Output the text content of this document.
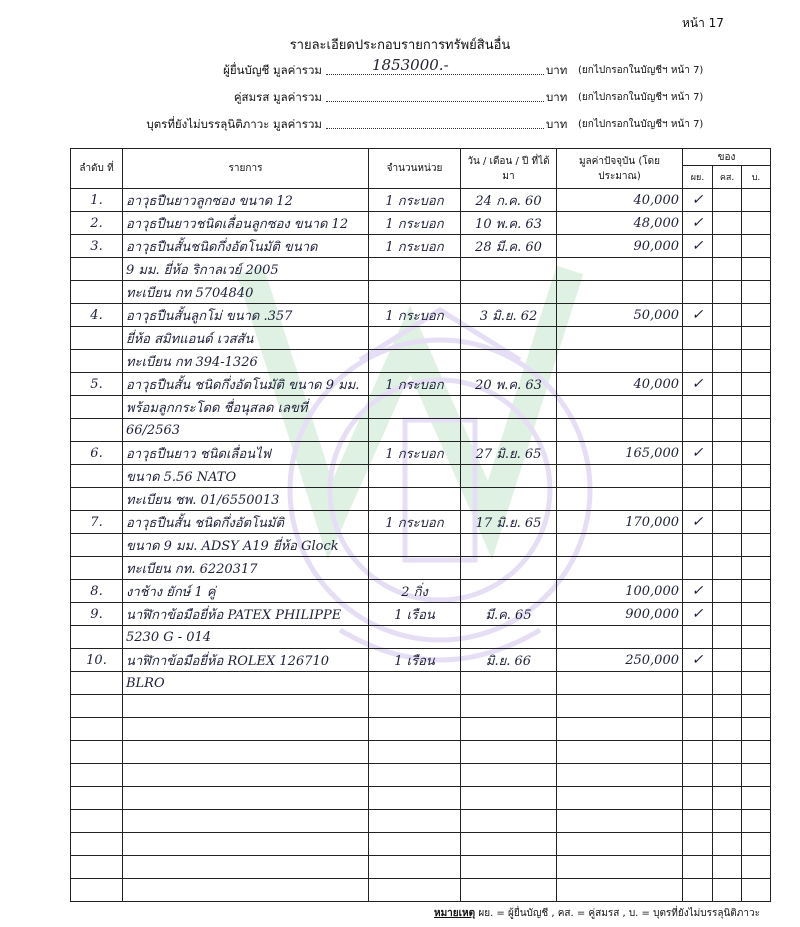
หน้า 17
รายละเอียดประกอบรายการทรัพย์สินอื่น
ผู้ยื่นบัญชี มูลค่ารวม	1853000.-	บาท (ยกไปกรอกในบัญชีฯ หน้า 7)
คู่สมรส มูลค่ารวม	บาท (ยกไปกรอกในบัญชีฯ หน้า 7)
บุตรที่ยังไม่บรรลุนิติภาวะ มูลค่ารวม	บาท (ยกไปกรอกในบัญชีฯ หน้า 7)
ลำดับ ที่	รายการ	จำนวนหน่วย	วัน / เดือน / ปี ที่ได้มา	มูลค่าปัจจุบัน (โดยประมาณ)	ของ		
					ผย.	คส.	บ.
1.	อาวุธปืนยาวลูกซอง ขนาด 12	1 กระบอก	24 ก.ค. 60	40,000	✓		
2.	อาวุธปืนยาวชนิดเลื่อนลูกซอง ขนาด 12	1 กระบอก	10 พ.ค. 63	48,000	✓		
3.	อาวุธปืนสั้นชนิดกึ่งอัตโนมัติ ขนาด	1 กระบอก	28 มี.ค. 60	90,000	✓		
	9 มม. ยี่ห้อ ริกาลเวย์ 2005						
	ทะเบียน กท 5704840						
4.	อาวุธปืนสั้นลูกโม่ ขนาด .357	1 กระบอก	3 มิ.ย. 62	50,000	✓		
	ยี่ห้อ สมิทแอนด์ เวสสัน						
	ทะเบียน กท 394-1326						
5.	อาวุธปืนสั้น ชนิดกึ่งอัตโนมัติ ขนาด 9 มม.	1 กระบอก	20 พ.ค. 63	40,000	✓		
	พร้อมลูกกระโดด ชื่อนุสลด เลขที่						
	66/2563						
6.	อาวุธปืนยาว ชนิดเลื่อนไฟ	1 กระบอก	27 มิ.ย. 65	165,000	✓		
	ขนาด 5.56 NATO						
	ทะเบียน ชพ. 01/6550013						
7.	อาวุธปืนสั้น ชนิดกึ่งอัตโนมัติ	1 กระบอก	17 มิ.ย. 65	170,000	✓		
	ขนาด 9 มม. ADSY A19 ยี่ห้อ Glock						
	ทะเบียน กท. 6220317						
8.	งาช้าง ยักษ์ 1 คู่	2 กิ่ง		100,000	✓		
9.	นาฬิกาข้อมือยี่ห้อ PATEX PHILIPPE	1 เรือน	มี.ค. 65	900,000	✓		
	5230 G - 014						
10.	นาฬิกาข้อมือยี่ห้อ ROLEX 126710	1 เรือน	มิ.ย. 66	250,000	✓		
	BLRO						

หมายเหตุ ผย. = ผู้ยื่นบัญชี , คส. = คู่สมรส , บ. = บุตรที่ยังไม่บรรลุนิติภาวะ
